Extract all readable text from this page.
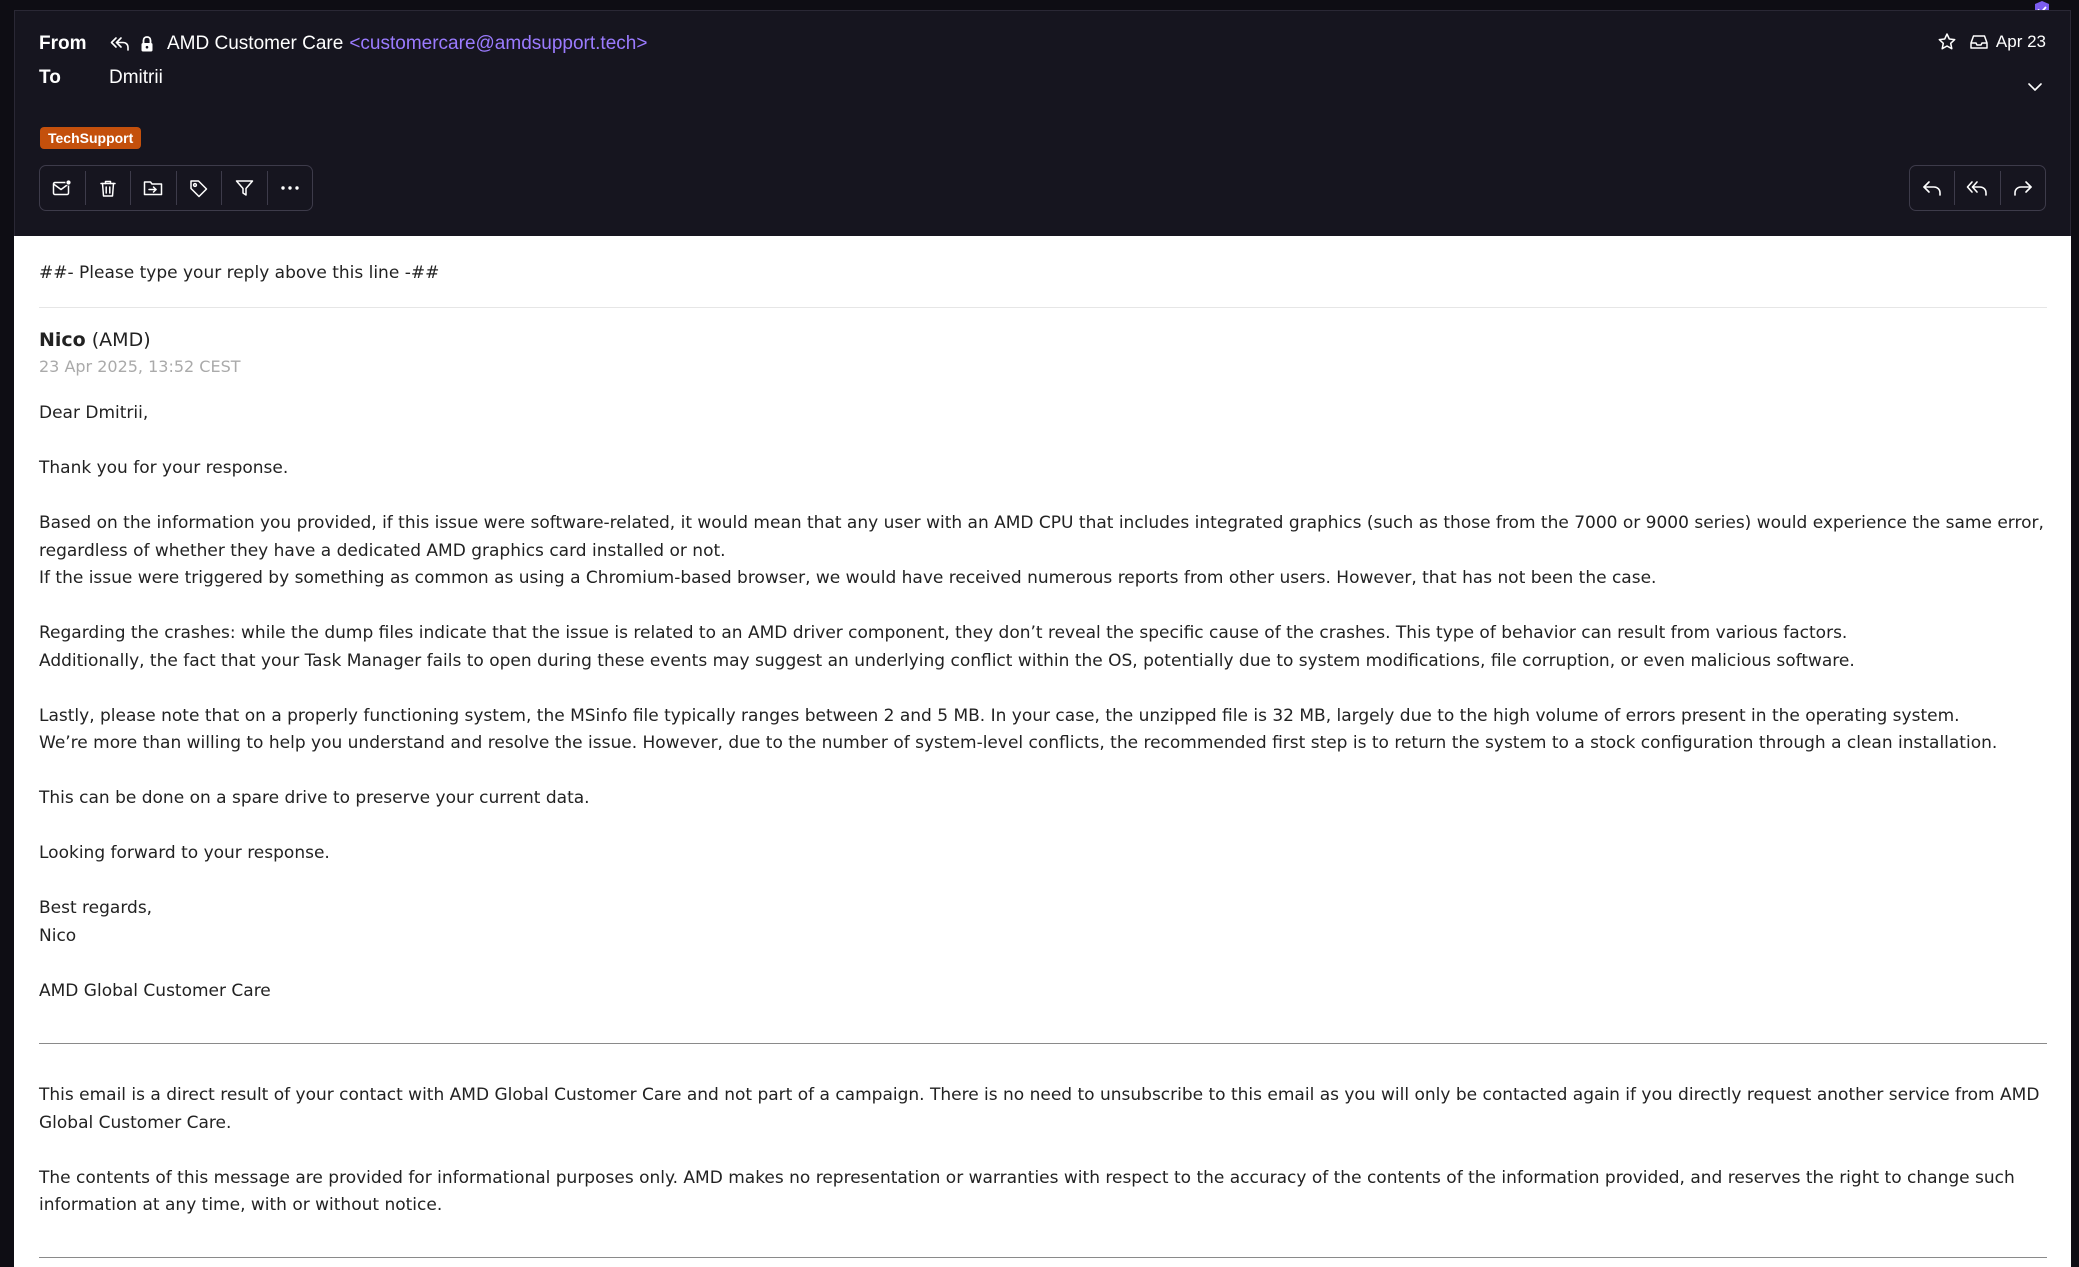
From	AMD Customer Care <customercare@amdsupport.tech>
To	Dmitrii
Apr 23
TechSupport
##- Please type your reply above this line -##
Nico (AMD)
23 Apr 2025, 13:52 CEST
Dear Dmitrii,
Thank you for your response.
Based on the information you provided, if this issue were software-related, it would mean that any user with an AMD CPU that includes integrated graphics (such as those from the 7000 or 9000 series) would experience the same error, regardless of whether they have a dedicated AMD graphics card installed or not.
If the issue were triggered by something as common as using a Chromium-based browser, we would have received numerous reports from other users. However, that has not been the case.
Regarding the crashes: while the dump files indicate that the issue is related to an AMD driver component, they don’t reveal the specific cause of the crashes. This type of behavior can result from various factors.
Additionally, the fact that your Task Manager fails to open during these events may suggest an underlying conflict within the OS, potentially due to system modifications, file corruption, or even malicious software.
Lastly, please note that on a properly functioning system, the MSinfo file typically ranges between 2 and 5 MB. In your case, the unzipped file is 32 MB, largely due to the high volume of errors present in the operating system.
We’re more than willing to help you understand and resolve the issue. However, due to the number of system-level conflicts, the recommended first step is to return the system to a stock configuration through a clean installation.
This can be done on a spare drive to preserve your current data.
Looking forward to your response.
Best regards,
Nico
AMD Global Customer Care
This email is a direct result of your contact with AMD Global Customer Care and not part of a campaign. There is no need to unsubscribe to this email as you will only be contacted again if you directly request another service from AMD Global Customer Care.
The contents of this message are provided for informational purposes only. AMD makes no representation or warranties with respect to the accuracy of the contents of the information provided, and reserves the right to change such information at any time, with or without notice.
